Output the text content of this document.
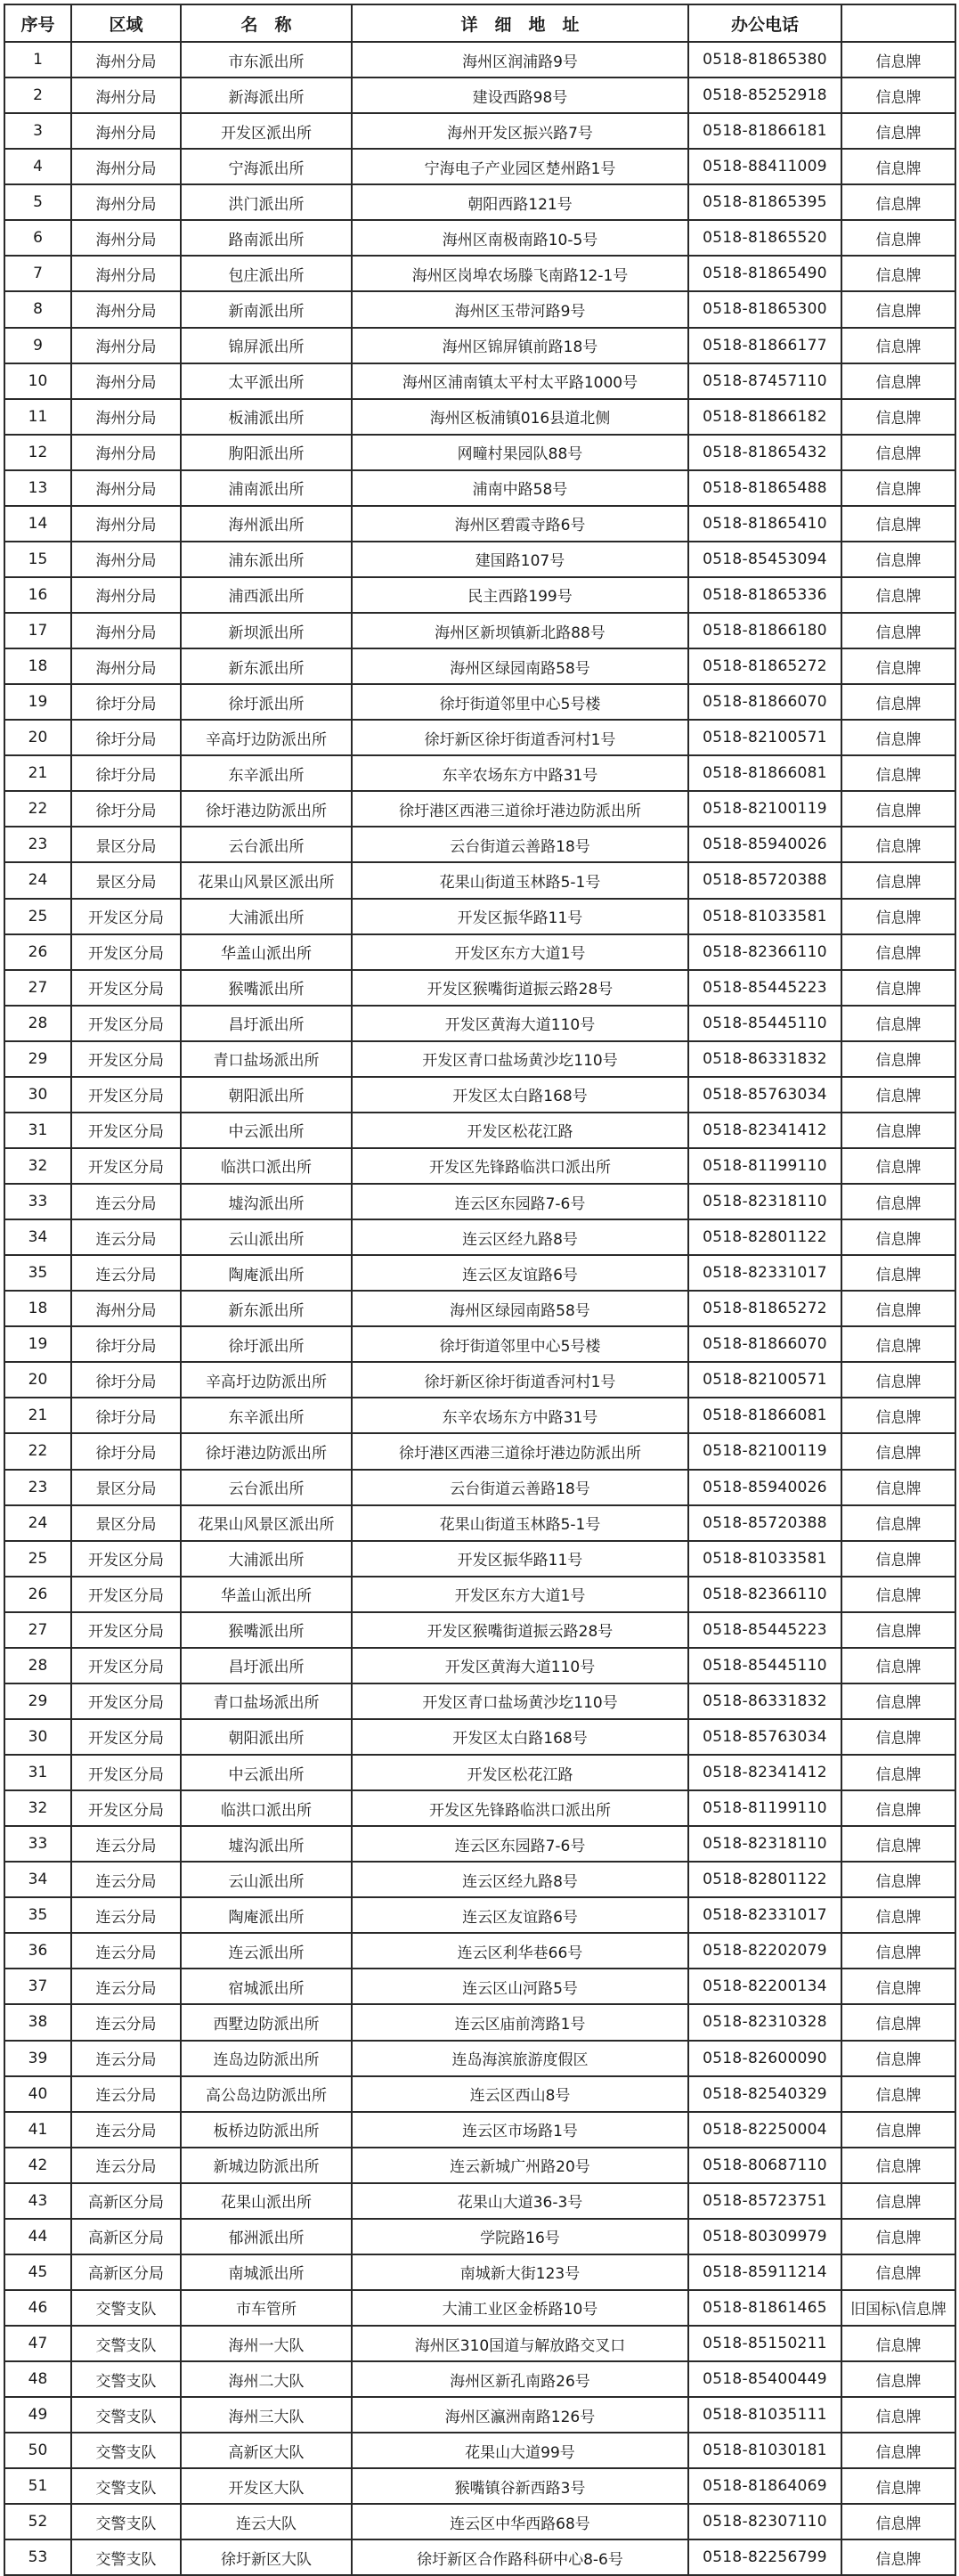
序号	区域	名　称	详　细　地　址	办公电话	
1	海州分局	市东派出所	海州区润浦路9号	0518-81865380	信息牌
2	海州分局	新海派出所	建设西路98号	0518-85252918	信息牌
3	海州分局	开发区派出所	海州开发区振兴路7号	0518-81866181	信息牌
4	海州分局	宁海派出所	宁海电子产业园区楚州路1号	0518-88411009	信息牌
5	海州分局	洪门派出所	朝阳西路121号	0518-81865395	信息牌
6	海州分局	路南派出所	海州区南极南路10-5号	0518-81865520	信息牌
7	海州分局	包庄派出所	海州区岗埠农场滕飞南路12-1号	0518-81865490	信息牌
8	海州分局	新南派出所	海州区玉带河路9号	0518-81865300	信息牌
9	海州分局	锦屏派出所	海州区锦屏镇前路18号	0518-81866177	信息牌
10	海州分局	太平派出所	海州区浦南镇太平村太平路1000号	0518-87457110	信息牌
11	海州分局	板浦派出所	海州区板浦镇016县道北侧	0518-81866182	信息牌
12	海州分局	朐阳派出所	网疃村果园队88号	0518-81865432	信息牌
13	海州分局	浦南派出所	浦南中路58号	0518-81865488	信息牌
14	海州分局	海州派出所	海州区碧霞寺路6号	0518-81865410	信息牌
15	海州分局	浦东派出所	建国路107号	0518-85453094	信息牌
16	海州分局	浦西派出所	民主西路199号	0518-81865336	信息牌
17	海州分局	新坝派出所	海州区新坝镇新北路88号	0518-81866180	信息牌
18	海州分局	新东派出所	海州区绿园南路58号	0518-81865272	信息牌
19	徐圩分局	徐圩派出所	徐圩街道邻里中心5号楼	0518-81866070	信息牌
20	徐圩分局	辛高圩边防派出所	徐圩新区徐圩街道香河村1号	0518-82100571	信息牌
21	徐圩分局	东辛派出所	东辛农场东方中路31号	0518-81866081	信息牌
22	徐圩分局	徐圩港边防派出所	徐圩港区西港三道徐圩港边防派出所	0518-82100119	信息牌
23	景区分局	云台派出所	云台街道云善路18号	0518-85940026	信息牌
24	景区分局	花果山风景区派出所	花果山街道玉林路5-1号	0518-85720388	信息牌
25	开发区分局	大浦派出所	开发区振华路11号	0518-81033581	信息牌
26	开发区分局	华盖山派出所	开发区东方大道1号	0518-82366110	信息牌
27	开发区分局	猴嘴派出所	开发区猴嘴街道振云路28号	0518-85445223	信息牌
28	开发区分局	昌圩派出所	开发区黄海大道110号	0518-85445110	信息牌
29	开发区分局	青口盐场派出所	开发区青口盐场黄沙圪110号	0518-86331832	信息牌
30	开发区分局	朝阳派出所	开发区太白路168号	0518-85763034	信息牌
31	开发区分局	中云派出所	开发区松花江路	0518-82341412	信息牌
32	开发区分局	临洪口派出所	开发区先锋路临洪口派出所	0518-81199110	信息牌
33	连云分局	墟沟派出所	连云区东园路7-6号	0518-82318110	信息牌
34	连云分局	云山派出所	连云区经九路8号	0518-82801122	信息牌
35	连云分局	陶庵派出所	连云区友谊路6号	0518-82331017	信息牌
18	海州分局	新东派出所	海州区绿园南路58号	0518-81865272	信息牌
19	徐圩分局	徐圩派出所	徐圩街道邻里中心5号楼	0518-81866070	信息牌
20	徐圩分局	辛高圩边防派出所	徐圩新区徐圩街道香河村1号	0518-82100571	信息牌
21	徐圩分局	东辛派出所	东辛农场东方中路31号	0518-81866081	信息牌
22	徐圩分局	徐圩港边防派出所	徐圩港区西港三道徐圩港边防派出所	0518-82100119	信息牌
23	景区分局	云台派出所	云台街道云善路18号	0518-85940026	信息牌
24	景区分局	花果山风景区派出所	花果山街道玉林路5-1号	0518-85720388	信息牌
25	开发区分局	大浦派出所	开发区振华路11号	0518-81033581	信息牌
26	开发区分局	华盖山派出所	开发区东方大道1号	0518-82366110	信息牌
27	开发区分局	猴嘴派出所	开发区猴嘴街道振云路28号	0518-85445223	信息牌
28	开发区分局	昌圩派出所	开发区黄海大道110号	0518-85445110	信息牌
29	开发区分局	青口盐场派出所	开发区青口盐场黄沙圪110号	0518-86331832	信息牌
30	开发区分局	朝阳派出所	开发区太白路168号	0518-85763034	信息牌
31	开发区分局	中云派出所	开发区松花江路	0518-82341412	信息牌
32	开发区分局	临洪口派出所	开发区先锋路临洪口派出所	0518-81199110	信息牌
33	连云分局	墟沟派出所	连云区东园路7-6号	0518-82318110	信息牌
34	连云分局	云山派出所	连云区经九路8号	0518-82801122	信息牌
35	连云分局	陶庵派出所	连云区友谊路6号	0518-82331017	信息牌
36	连云分局	连云派出所	连云区利华巷66号	0518-82202079	信息牌
37	连云分局	宿城派出所	连云区山河路5号	0518-82200134	信息牌
38	连云分局	西墅边防派出所	连云区庙前湾路1号	0518-82310328	信息牌
39	连云分局	连岛边防派出所	连岛海滨旅游度假区	0518-82600090	信息牌
40	连云分局	高公岛边防派出所	连云区西山8号	0518-82540329	信息牌
41	连云分局	板桥边防派出所	连云区市场路1号	0518-82250004	信息牌
42	连云分局	新城边防派出所	连云新城广州路20号	0518-80687110	信息牌
43	高新区分局	花果山派出所	花果山大道36-3号	0518-85723751	信息牌
44	高新区分局	郁洲派出所	学院路16号	0518-80309979	信息牌
45	高新区分局	南城派出所	南城新大街123号	0518-85911214	信息牌
46	交警支队	市车管所	大浦工业区金桥路10号	0518-81861465	旧国标\信息牌
47	交警支队	海州一大队	海州区310国道与解放路交叉口	0518-85150211	信息牌
48	交警支队	海州二大队	海州区新孔南路26号	0518-85400449	信息牌
49	交警支队	海州三大队	海州区瀛洲南路126号	0518-81035111	信息牌
50	交警支队	高新区大队	花果山大道99号	0518-81030181	信息牌
51	交警支队	开发区大队	猴嘴镇谷新西路3号	0518-81864069	信息牌
52	交警支队	连云大队	连云区中华西路68号	0518-82307110	信息牌
53	交警支队	徐圩新区大队	徐圩新区合作路科研中心8-6号	0518-82256799	信息牌
